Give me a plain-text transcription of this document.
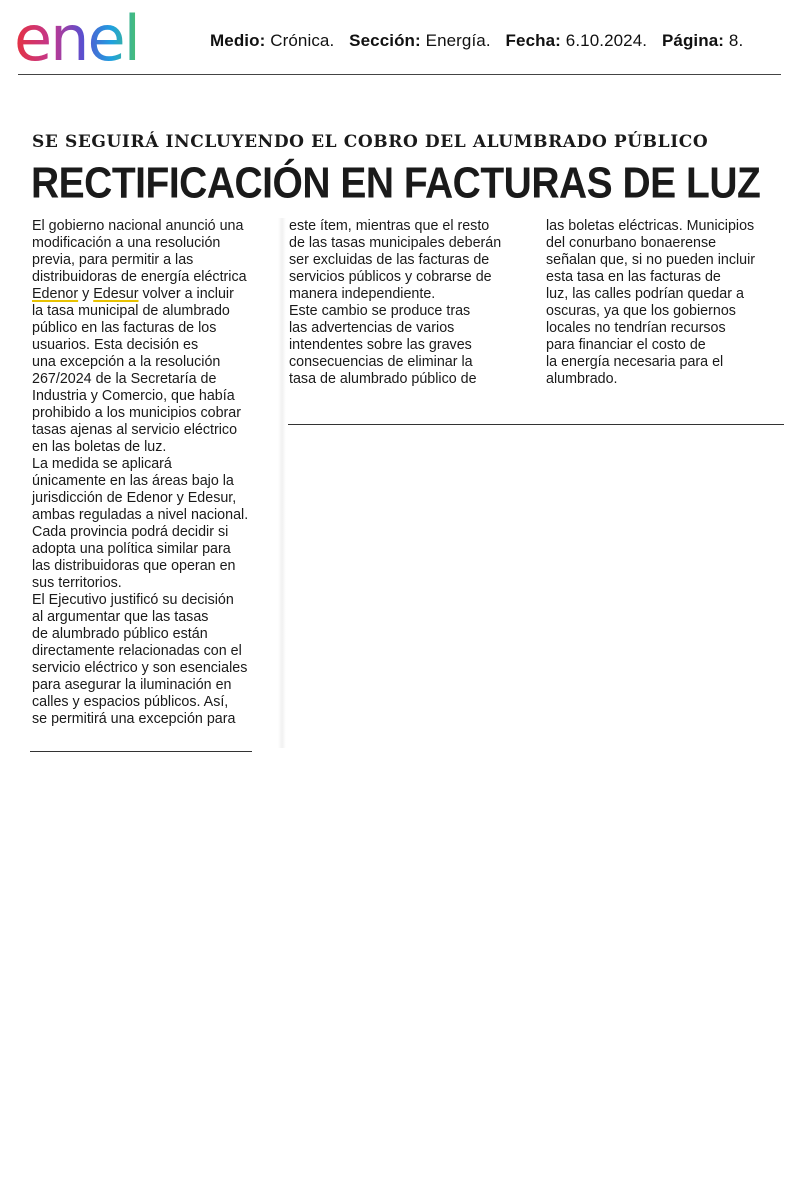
enel	Medio: Crónica. Sección: Energía. Fecha: 6.10.2024. Página: 8.
SE SEGUIRÁ INCLUYENDO EL COBRO DEL ALUMBRADO PÚBLICO
RECTIFICACIÓN EN FACTURAS DE LUZ
El gobierno nacional anunció una
modificación a una resolución
previa, para permitir a las
distribuidoras de energía eléctrica
Edenor y Edesur volver a incluir
la tasa municipal de alumbrado
público en las facturas de los
usuarios. Esta decisión es
una excepción a la resolución
267/2024 de la Secretaría de
Industria y Comercio, que había
prohibido a los municipios cobrar
tasas ajenas al servicio eléctrico
en las boletas de luz.
La medida se aplicará
únicamente en las áreas bajo la
jurisdicción de Edenor y Edesur,
ambas reguladas a nivel nacional.
Cada provincia podrá decidir si
adopta una política similar para
las distribuidoras que operan en
sus territorios.
El Ejecutivo justificó su decisión
al argumentar que las tasas
de alumbrado público están
directamente relacionadas con el
servicio eléctrico y son esenciales
para asegurar la iluminación en
calles y espacios públicos. Así,
se permitirá una excepción para
este ítem, mientras que el resto
de las tasas municipales deberán
ser excluidas de las facturas de
servicios públicos y cobrarse de
manera independiente.
Este cambio se produce tras
las advertencias de varios
intendentes sobre las graves
consecuencias de eliminar la
tasa de alumbrado público de
las boletas eléctricas. Municipios
del conurbano bonaerense
señalan que, si no pueden incluir
esta tasa en las facturas de
luz, las calles podrían quedar a
oscuras, ya que los gobiernos
locales no tendrían recursos
para financiar el costo de
la energía necesaria para el
alumbrado.
